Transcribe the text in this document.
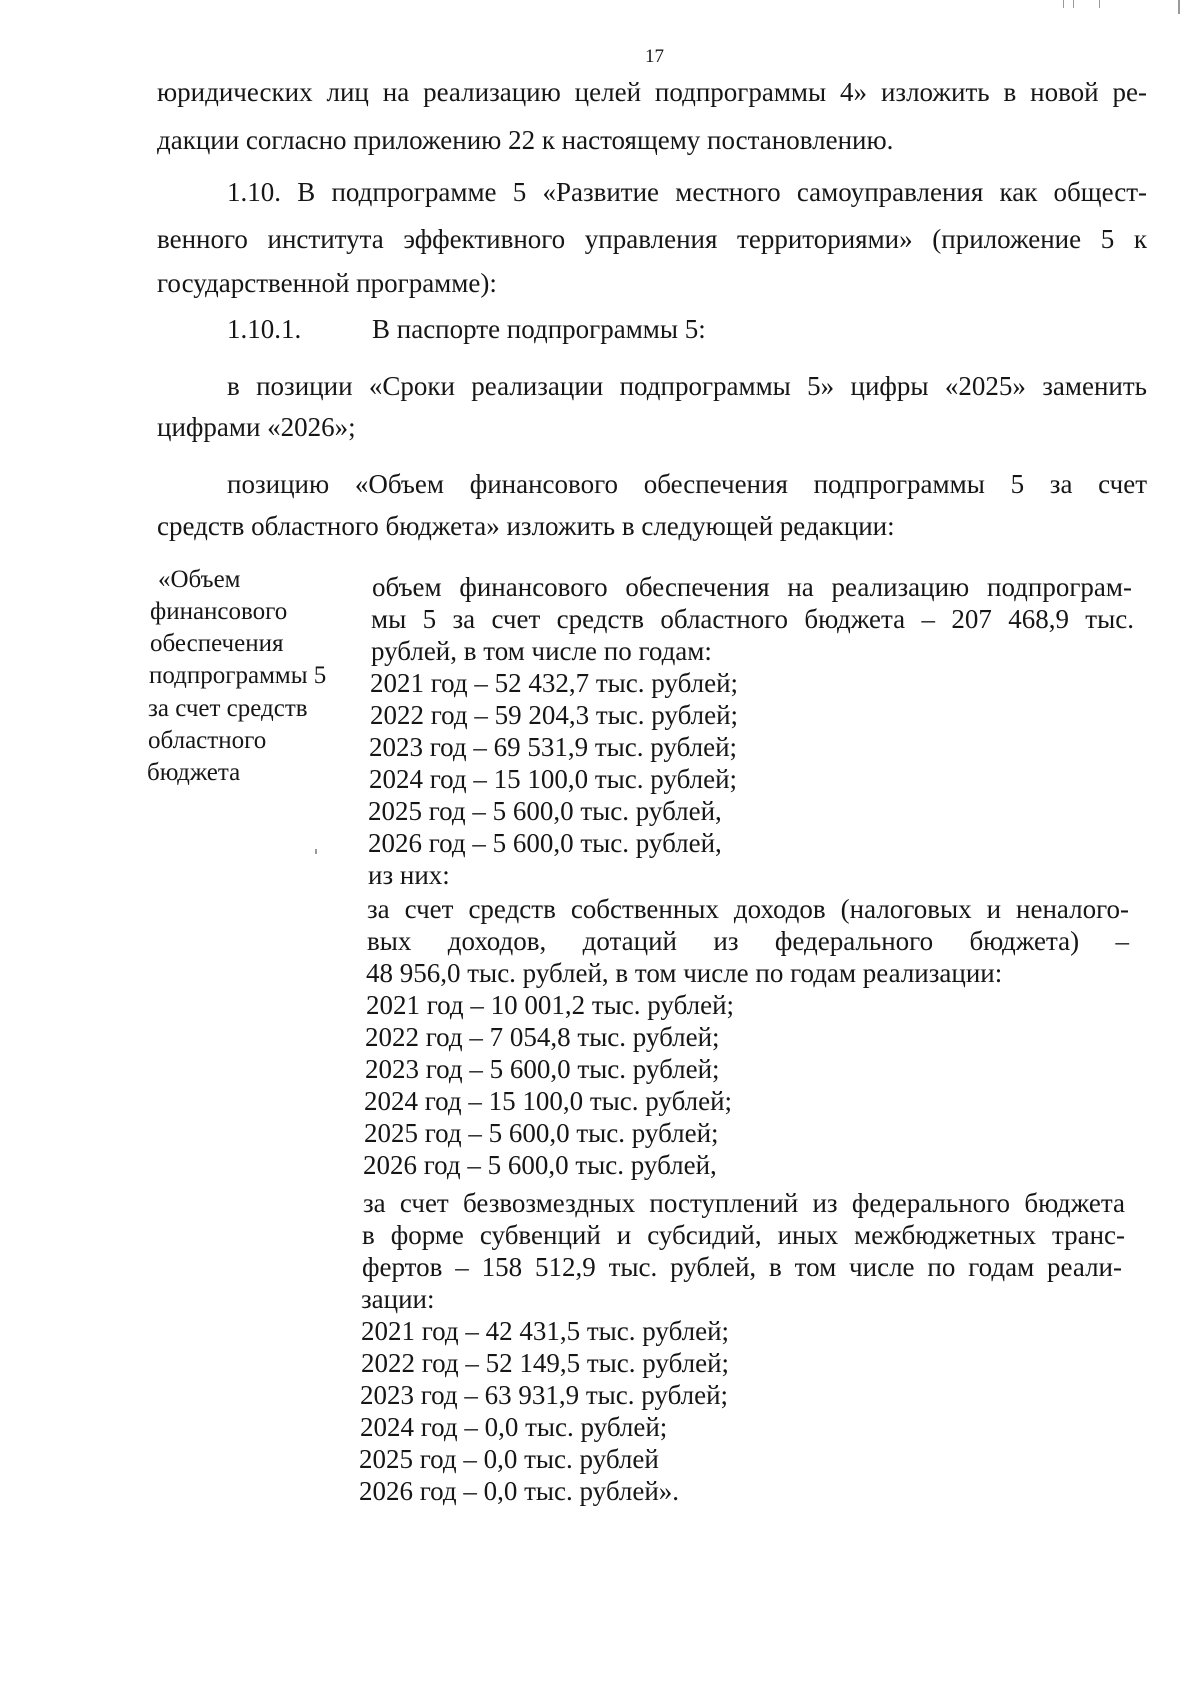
17

юридических лиц на реализацию целей подпрограммы 4» изложить в новой ре-

дакции согласно приложению 22 к настоящему постановлению.

1.10. В подпрограмме 5 «Развитие местного самоуправления как общест-

венного института эффективного управления территориями» (приложение 5 к

государственной программе):

1.10.1.	В паспорте подпрограммы 5:

в позиции «Сроки реализации подпрограммы 5» цифры «2025» заменить

цифрами «2026»;

позицию «Объем финансового обеспечения подпрограммы 5 за счет

средств областного бюджета» изложить в следующей редакции:

«Объем

финансового

обеспечения

подпрограммы 5

за счет средств

областного

бюджета

объем финансового обеспечения на реализацию подпрограм-

мы 5 за счет средств областного бюджета – 207 468,9 тыс.

рублей, в том числе по годам:

2021 год – 52 432,7 тыс. рублей;

2022 год – 59 204,3 тыс. рублей;

2023 год – 69 531,9 тыс. рублей;

2024 год – 15 100,0 тыс. рублей;

2025 год – 5 600,0 тыс. рублей,

2026 год – 5 600,0 тыс. рублей,

из них:

за счет средств собственных доходов (налоговых и неналого-

вых доходов, дотаций из федерального бюджета) –

48 956,0 тыс. рублей, в том числе по годам реализации:

2021 год – 10 001,2 тыс. рублей;

2022 год – 7 054,8 тыс. рублей;

2023 год – 5 600,0 тыс. рублей;

2024 год – 15 100,0 тыс. рублей;

2025 год – 5 600,0 тыс. рублей;

2026 год – 5 600,0 тыс. рублей,

за счет безвозмездных поступлений из федерального бюджета

в форме субвенций и субсидий, иных межбюджетных транс-

фертов – 158 512,9 тыс. рублей, в том числе по годам реали-

зации:

2021 год – 42 431,5 тыс. рублей;

2022 год – 52 149,5 тыс. рублей;

2023 год – 63 931,9 тыс. рублей;

2024 год – 0,0 тыс. рублей;

2025 год – 0,0 тыс. рублей

2026 год – 0,0 тыс. рублей».
